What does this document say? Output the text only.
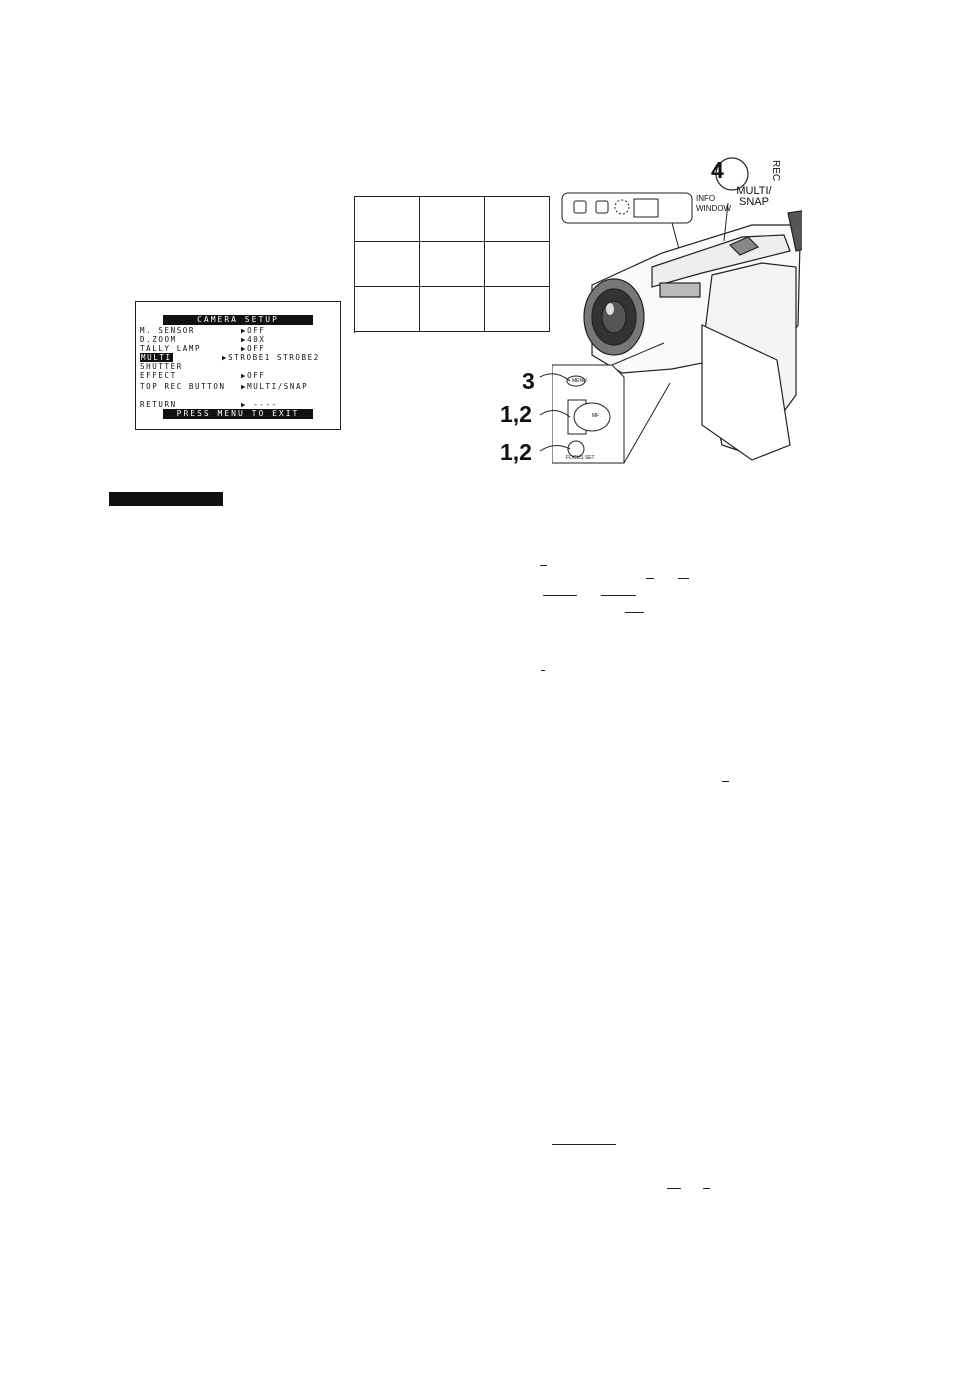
CAMERA SETUP
M. SENSOR	▶OFF
D.ZOOM	▶40X
TALLY LAMP	▶OFF
MULTI	▶STROBE1 STROBE2
SHUTTER
EFFECT	▶OFF
TOP REC BUTTON ▶MULTI/SNAP
RETURN	▶ ----
PRESS MENU TO EXIT
4	REC
MULTI/
SNAP
INFO
WINDOW
MENU
MF
FOCUS SET
3
1,2
1,2
